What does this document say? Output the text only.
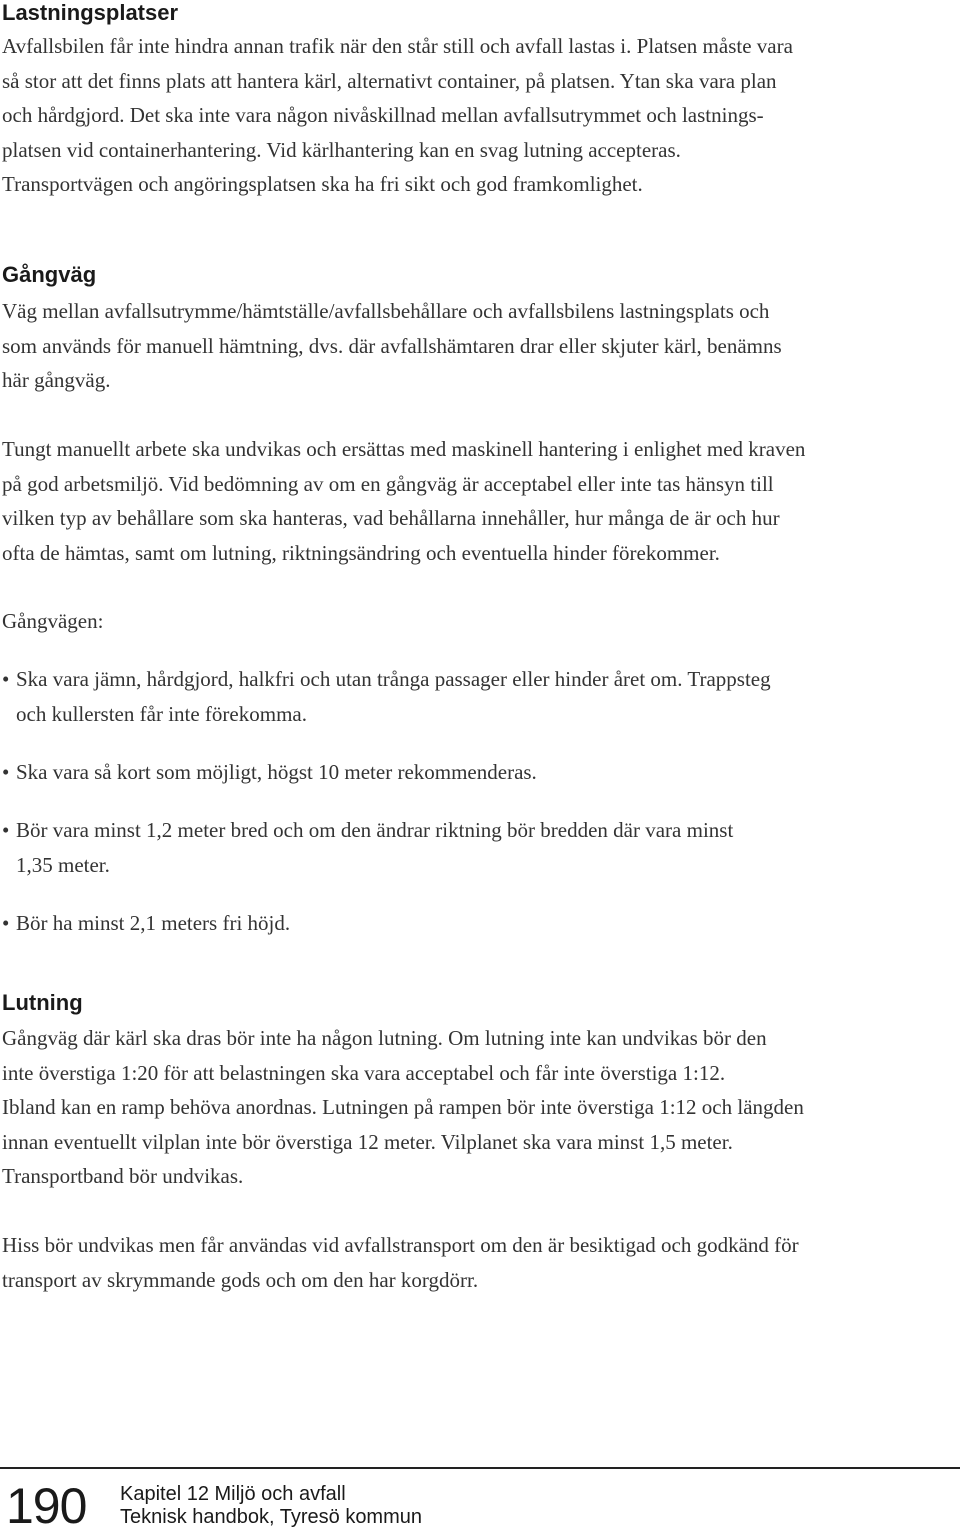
Lastningsplatser

Avfallsbilen får inte hindra annan trafik när den står still och avfall lastas i. Platsen måste vara
så stor att det finns plats att hantera kärl, alternativt container, på platsen. Ytan ska vara plan
och hårdgjord. Det ska inte vara någon nivåskillnad mellan avfallsutrymmet och lastnings-
platsen vid containerhantering. Vid kärlhantering kan en svag lutning accepteras.
Transportvägen och angöringsplatsen ska ha fri sikt och god framkomlighet.

Gångväg

Väg mellan avfallsutrymme/hämtställe/avfallsbehållare och avfallsbilens lastningsplats och
som används för manuell hämtning, dvs. där avfallshämtaren drar eller skjuter kärl, benämns
här gångväg.

Tungt manuellt arbete ska undvikas och ersättas med maskinell hantering i enlighet med kraven
på god arbetsmiljö. Vid bedömning av om en gångväg är acceptabel eller inte tas hänsyn till
vilken typ av behållare som ska hanteras, vad behållarna innehåller, hur många de är och hur
ofta de hämtas, samt om lutning, riktningsändring och eventuella hinder förekommer.

Gångvägen:

• Ska vara jämn, hårdgjord, halkfri och utan trånga passager eller hinder året om. Trappsteg
och kullersten får inte förekomma.
• Ska vara så kort som möjligt, högst 10 meter rekommenderas.
• Bör vara minst 1,2 meter bred och om den ändrar riktning bör bredden där vara minst
1,35 meter.
• Bör ha minst 2,1 meters fri höjd.
Lutning

Gångväg där kärl ska dras bör inte ha någon lutning. Om lutning inte kan undvikas bör den
inte överstiga 1:20 för att belastningen ska vara acceptabel och får inte överstiga 1:12.
Ibland kan en ramp behöva anordnas. Lutningen på rampen bör inte överstiga 1:12 och längden
innan eventuellt vilplan inte bör överstiga 12 meter. Vilplanet ska vara minst 1,5 meter.
Transportband bör undvikas.

Hiss bör undvikas men får användas vid avfallstransport om den är besiktigad och godkänd för
transport av skrymmande gods och om den har korgdörr.

190 Kapitel 12 Miljö och avfall
Teknisk handbok, Tyresö kommun
